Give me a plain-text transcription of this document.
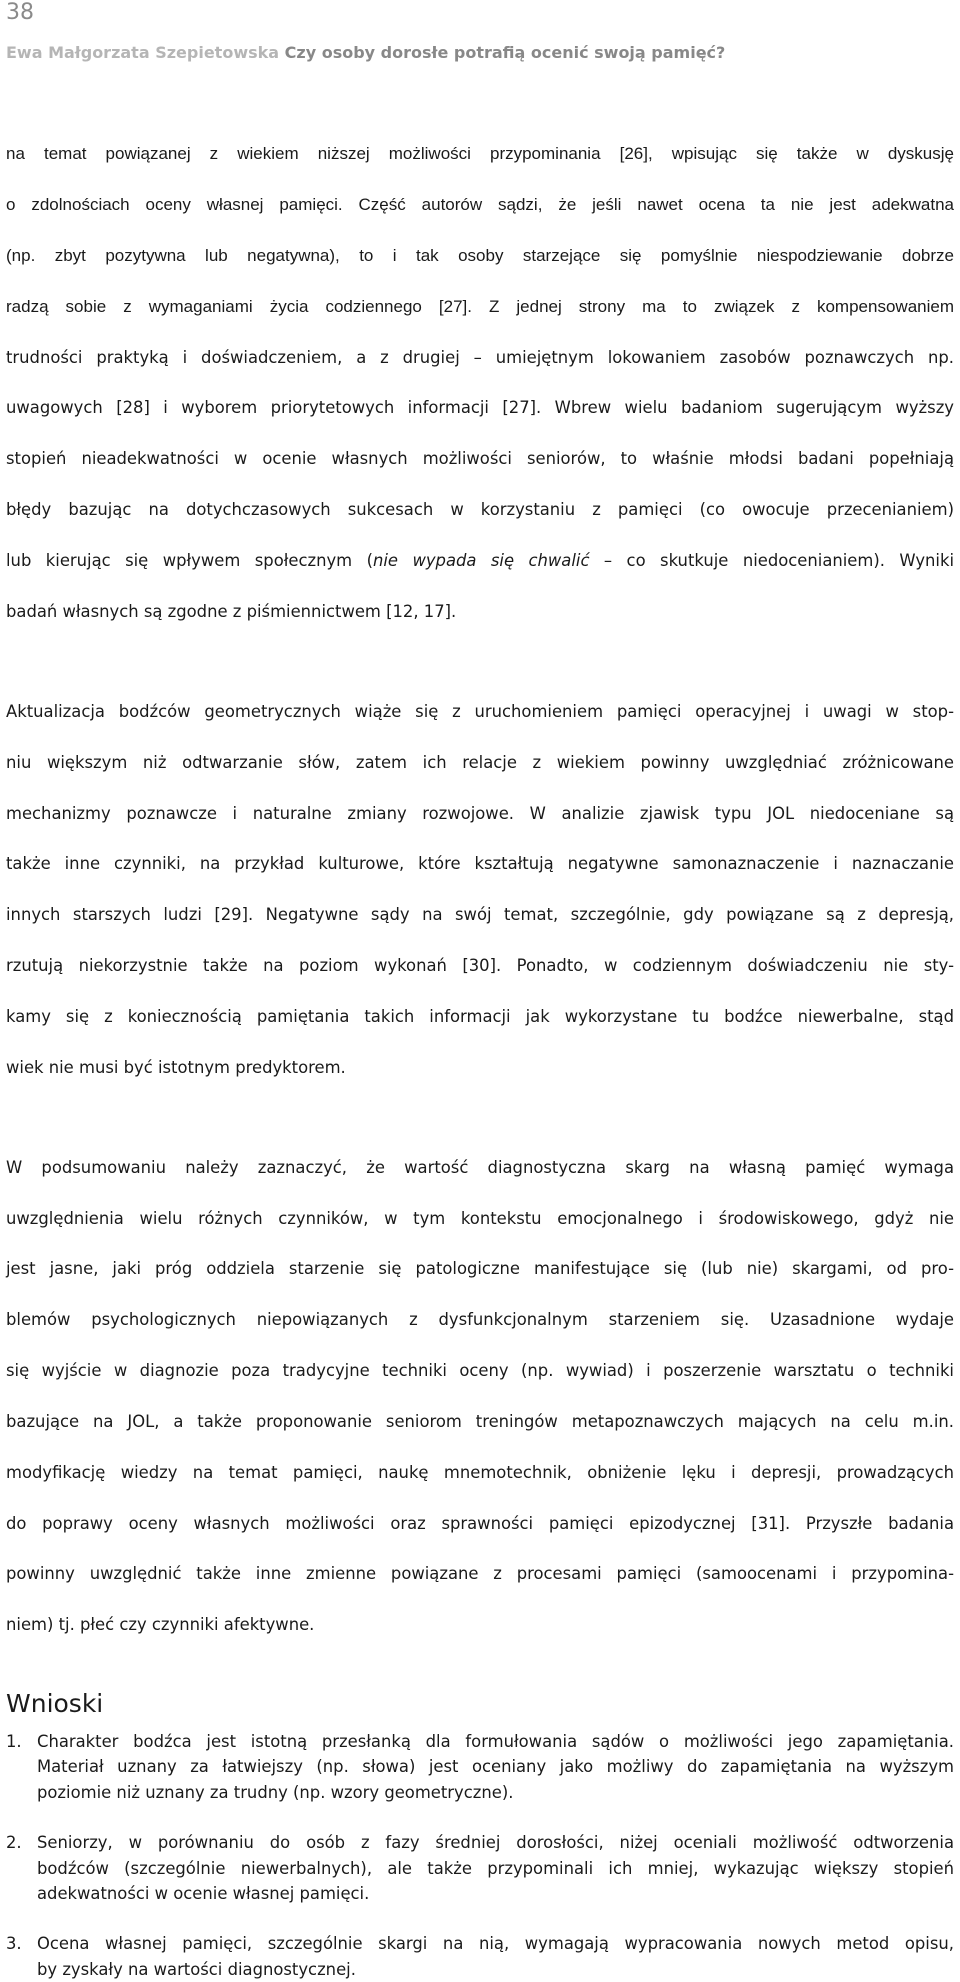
38
Ewa Małgorzata Szepietowska Czy osoby dorosłe potrafią ocenić swoją pamięć?

na temat powiązanej z wiekiem niższej możliwości przypominania [26], wpisując się także w dyskusję

o zdolnościach oceny własnej pamięci. Część autorów sądzi, że jeśli nawet ocena ta nie jest adekwatna

(np. zbyt pozytywna lub negatywna), to i tak osoby starzejące się pomyślnie niespodziewanie dobrze

radzą sobie z wymaganiami życia codziennego [27]. Z jednej strony ma to związek z kompensowaniem

trudności praktyką i doświadczeniem, a z drugiej – umiejętnym lokowaniem zasobów poznawczych np.

uwagowych [28] i wyborem priorytetowych informacji [27]. Wbrew wielu badaniom sugerującym wyższy

stopień nieadekwatności w ocenie własnych możliwości seniorów, to właśnie młodsi badani popełniają

błędy bazując na dotychczasowych sukcesach w korzystaniu z pamięci (co owocuje przecenianiem)

lub kierując się wpływem społecznym (nie wypada się chwalić – co skutkuje niedocenianiem). Wyniki

badań własnych są zgodne z piśmiennictwem [12, 17].

Aktualizacja bodźców geometrycznych wiąże się z uruchomieniem pamięci operacyjnej i uwagi w stop-

niu większym niż odtwarzanie słów, zatem ich relacje z wiekiem powinny uwzględniać zróżnicowane

mechanizmy poznawcze i naturalne zmiany rozwojowe. W analizie zjawisk typu JOL niedoceniane są

także inne czynniki, na przykład kulturowe, które kształtują negatywne samonaznaczenie i naznaczanie

innych starszych ludzi [29]. Negatywne sądy na swój temat, szczególnie, gdy powiązane są z depresją,

rzutują niekorzystnie także na poziom wykonań [30]. Ponadto, w codziennym doświadczeniu nie sty-

kamy się z koniecznością pamiętania takich informacji jak wykorzystane tu bodźce niewerbalne, stąd

wiek nie musi być istotnym predyktorem.

W podsumowaniu należy zaznaczyć, że wartość diagnostyczna skarg na własną pamięć wymaga

uwzględnienia wielu różnych czynników, w tym kontekstu emocjonalnego i środowiskowego, gdyż nie

jest jasne, jaki próg oddziela starzenie się patologiczne manifestujące się (lub nie) skargami, od pro-

blemów psychologicznych niepowiązanych z dysfunkcjonalnym starzeniem się. Uzasadnione wydaje

się wyjście w diagnozie poza tradycyjne techniki oceny (np. wywiad) i poszerzenie warsztatu o techniki

bazujące na JOL, a także proponowanie seniorom treningów metapoznawczych mających na celu m.in.

modyfikację wiedzy na temat pamięci, naukę mnemotechnik, obniżenie lęku i depresji, prowadzących

do poprawy oceny własnych możliwości oraz sprawności pamięci epizodycznej [31]. Przyszłe badania

powinny uwzględnić także inne zmienne powiązane z procesami pamięci (samoocenami i przypomina-

niem) tj. płeć czy czynniki afektywne.

Wnioski
1. Charakter bodźca jest istotną przesłanką dla formułowania sądów o możliwości jego zapamiętania.
Materiał uznany za łatwiejszy (np. słowa) jest oceniany jako możliwy do zapamiętania na wyższym
poziomie niż uznany za trudny (np. wzory geometryczne).
2. Seniorzy, w porównaniu do osób z fazy średniej dorosłości, niżej oceniali możliwość odtworzenia
bodźców (szczególnie niewerbalnych), ale także przypominali ich mniej, wykazując większy stopień
adekwatności w ocenie własnej pamięci.
3. Ocena własnej pamięci, szczególnie skargi na nią, wymagają wypracowania nowych metod opisu,
by zyskały na wartości diagnostycznej.
